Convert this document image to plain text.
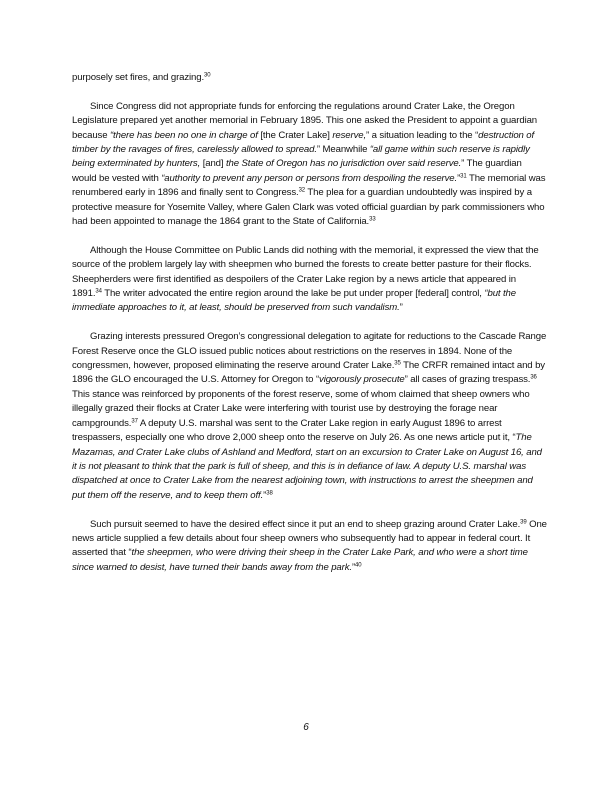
purposely set fires, and grazing.$^{30}$

Since Congress did not appropriate funds for enforcing the regulations around Crater Lake, the Oregon Legislature prepared yet another memorial in February 1895. This one asked the President to appoint a guardian because “there has been no one in charge of [the Crater Lake] reserve,” a situation leading to the “destruction of timber by the ravages of fires, carelessly allowed to spread.” Meanwhile “all game within such reserve is rapidly being exterminated by hunters, [and] the State of Oregon has no jurisdiction over said reserve.” The guardian would be vested with “authority to prevent any person or persons from despoiling the reserve.”$^{31}$ The memorial was renumbered early in 1896 and finally sent to Congress.$^{32}$ The plea for a guardian undoubtedly was inspired by a protective measure for Yosemite Valley, where Galen Clark was voted official guardian by park commissioners who had been appointed to manage the 1864 grant to the State of California.$^{33}$

Although the House Committee on Public Lands did nothing with the memorial, it expressed the view that the source of the problem largely lay with sheepmen who burned the forests to create better pasture for their flocks. Sheepherders were first identified as despoilers of the Crater Lake region by a news article that appeared in 1891.34 The writer advocated the entire region around the lake be put under proper [federal] control, “but the immediate approaches to it, at least, should be preserved from such vandalism.”

Grazing interests pressured Oregon’s congressional delegation to agitate for reductions to the Cascade Range Forest Reserve once the GLO issued public notices about restrictions on the reserves in 1894. None of the congressmen, however, proposed eliminating the reserve around Crater Lake.$^{35}$ The CRFR remained intact and by 1896 the GLO encouraged the U.S. Attorney for Oregon to “vigorously prosecute” all cases of grazing trespass.$^{36}$ This stance was reinforced by proponents of the forest reserve, some of whom claimed that sheep owners who illegally grazed their flocks at Crater Lake were interfering with tourist use by destroying the forage near campgrounds.$^{37}$ A deputy U.S. marshal was sent to the Crater Lake region in early August 1896 to arrest trespassers, especially one who drove 2,000 sheep onto the reserve on July 26. As one news article put it, “The Mazamas, and Crater Lake clubs of Ashland and Medford, start on an excursion to Crater Lake on August 16, and it is not pleasant to think that the park is full of sheep, and this is in defiance of law. A deputy U.S. marshal was dispatched at once to Crater Lake from the nearest adjoining town, with instructions to arrest the sheepmen and put them off the reserve, and to keep them off.”$^{38}$

Such pursuit seemed to have the desired effect since it put an end to sheep grazing around Crater Lake.$^{39}$ One news article supplied a few details about four sheep owners who subsequently had to appear in federal court. It asserted that “the sheepmen, who were driving their sheep in the Crater Lake Park, and who were a short time since warned to desist, have turned their bands away from the park.”$^{40}$

6
